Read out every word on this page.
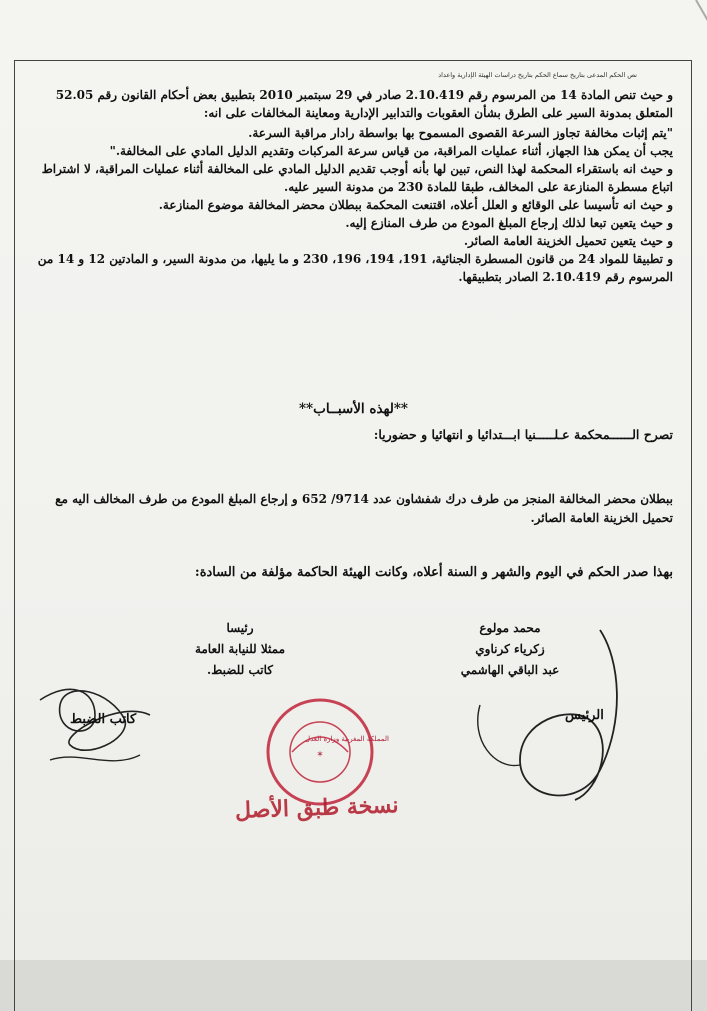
نص الحكم المدعى بتاريخ سماع الحكم بتاريخ دراسات الهيئة الإدارية واعداد

و حيث تنص المادة 14 من المرسوم رقم 2.10.419 صادر في 29 سبتمبر 2010 بتطبيق بعض أحكام القانون رقم 52.05 المتعلق بمدونة السير على الطرق بشأن العقوبات والتدابير الإدارية ومعاينة المخالفات على انه:

"يتم إثبات مخالفة تجاوز السرعة القصوى المسموح بها بواسطة رادار مراقبة السرعة.

يجب أن يمكن هذا الجهاز، أثناء عمليات المراقبة، من قياس سرعة المركبات وتقديم الدليل المادي على المخالفة."

و حيث انه باستقراء المحكمة لهذا النص، تبين لها بأنه أوجب تقديم الدليل المادي على المخالفة أثناء عمليات المراقبة، لا اشتراط اتباع مسطرة المنازعة على المخالف، طبقا للمادة 230 من مدونة السير عليه.

و حيث انه تأسيسا على الوقائع و العلل أعلاه، اقتنعت المحكمة ببطلان محضر المخالفة موضوع المنازعة.

و حيث يتعين تبعا لذلك إرجاع المبلغ المودع من طرف المنازع إليه.

و حيث يتعين تحميل الخزينة العامة الصائر.

و تطبيقا للمواد 24 من قانون المسطرة الجنائية، 191، 194، 196، 230 و ما يليها، من مدونة السير، و المادتين 12 و 14 من المرسوم رقم 2.10.419 الصادر بتطبيقها.

**لهذه الأسبــاب**
تصرح الــــــمحكمة عـلـــــنيا ابـــتدائيا و انتهائيا و حضوريا:
ببطلان محضر المخالفة المنجز من طرف درك شفشاون عدد 9714/ 652 و إرجاع المبلغ المودع من طرف المخالف اليه مع
تحميل الخزينة العامة الصائر.
بهذا صدر الحكم في اليوم والشهر و السنة أعلاه، وكانت الهيئة الحاكمة مؤلفة من السادة:
محمد مولوع
زكرياء كرناوي
عبد الباقي الهاشمي
رئيسا
ممثلا للنيابة العامة
كاتب للضبط.
✶
المملكة المغربية وزارة العدل
نسخة طبق الأصل
كاتب الضبط	الرئيس
